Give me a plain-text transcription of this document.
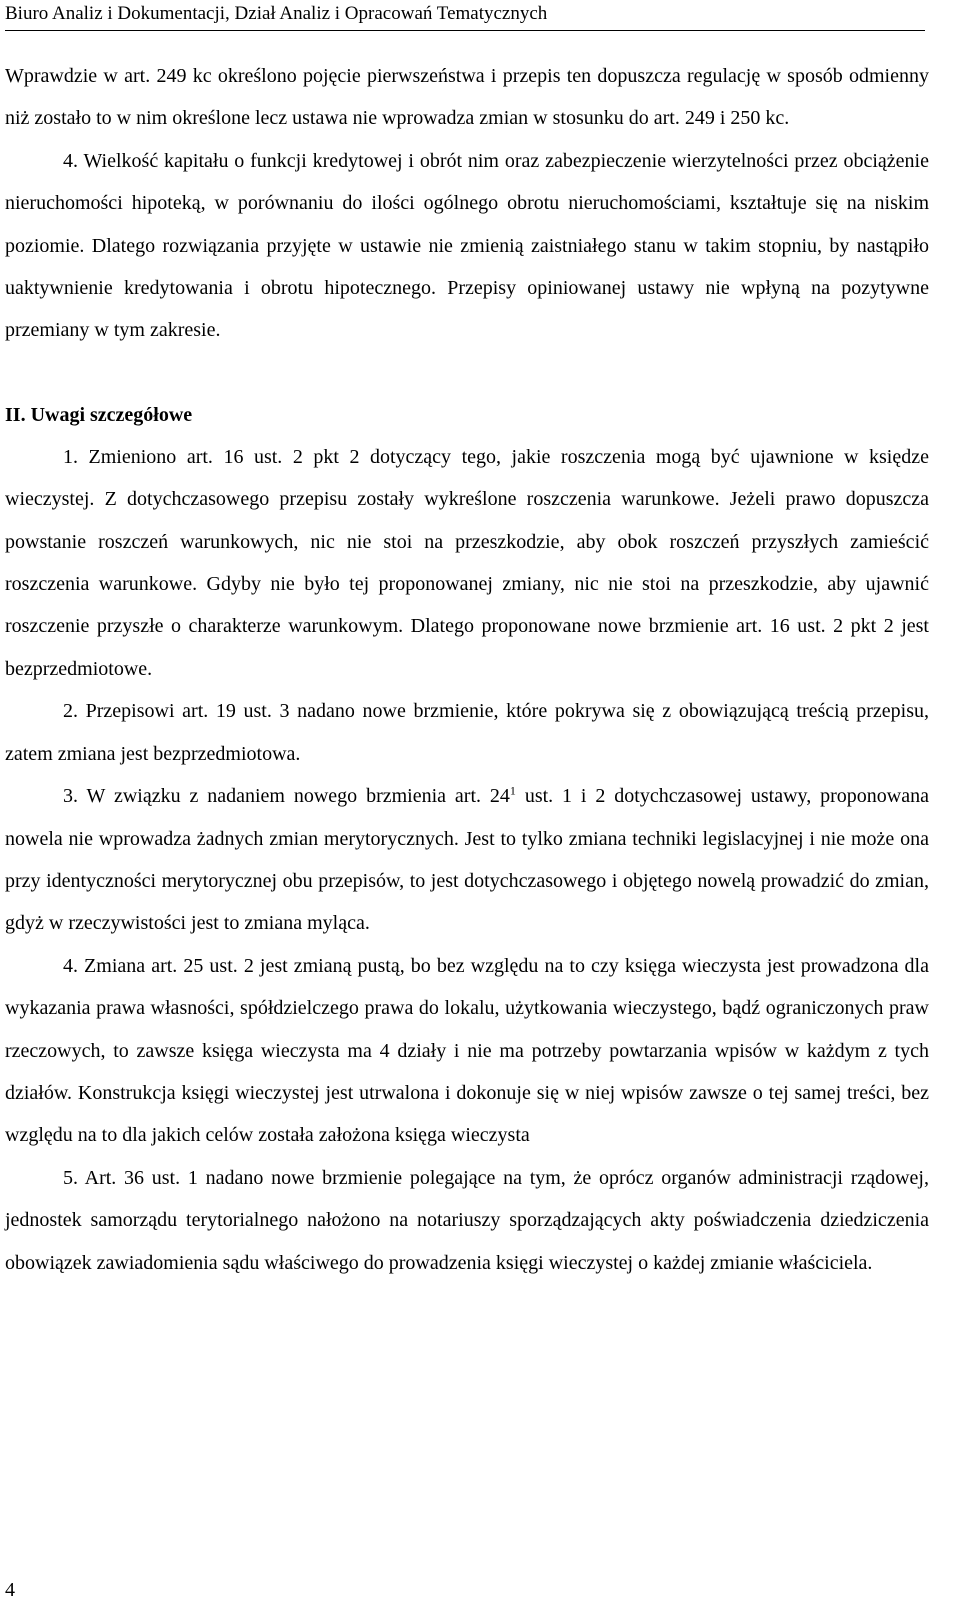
Biuro Analiz i Dokumentacji, Dział Analiz i Opracowań Tematycznych

Wprawdzie w art. 249 kc określono pojęcie pierwszeństwa i przepis ten dopuszcza regulację w sposób odmienny niż zostało to w nim określone lecz ustawa nie wprowadza zmian w stosunku do art. 249 i 250 kc.

4. Wielkość kapitału o funkcji kredytowej i obrót nim oraz zabezpieczenie wierzytelności przez obciążenie nieruchomości hipoteką, w porównaniu do ilości ogólnego obrotu nieruchomościami, kształtuje się na niskim poziomie. Dlatego rozwiązania przyjęte w ustawie nie zmienią zaistniałego stanu w takim stopniu, by nastąpiło uaktywnienie kredytowania i obrotu hipotecznego. Przepisy opiniowanej ustawy nie wpłyną na pozytywne przemiany w tym zakresie.

II. Uwagi szczegółowe

1. Zmieniono art. 16 ust. 2 pkt 2 dotyczący tego, jakie roszczenia mogą być ujawnione w księdze wieczystej. Z dotychczasowego przepisu zostały wykreślone roszczenia warunkowe. Jeżeli prawo dopuszcza powstanie roszczeń warunkowych, nic nie stoi na przeszkodzie, aby obok roszczeń przyszłych zamieścić roszczenia warunkowe. Gdyby nie było tej proponowanej zmiany, nic nie stoi na przeszkodzie, aby ujawnić roszczenie przyszłe o charakterze warunkowym. Dlatego proponowane nowe brzmienie art. 16 ust. 2 pkt 2 jest bezprzedmiotowe.

2. Przepisowi art. 19 ust. 3 nadano nowe brzmienie, które pokrywa się z obowiązującą treścią przepisu, zatem zmiana jest bezprzedmiotowa.

3. W związku z nadaniem nowego brzmienia art. $24^1$ ust. 1 i 2 dotychczasowej ustawy, proponowana nowela nie wprowadza żadnych zmian merytorycznych. Jest to tylko zmiana techniki legislacyjnej i nie może ona przy identyczności merytorycznej obu przepisów, to jest dotychczasowego i objętego nowelą prowadzić do zmian, gdyż w rzeczywistości jest to zmiana myląca.

4. Zmiana art. 25 ust. 2 jest zmianą pustą, bo bez względu na to czy księga wieczysta jest prowadzona dla wykazania prawa własności, spółdzielczego prawa do lokalu, użytkowania wieczystego, bądź ograniczonych praw rzeczowych, to zawsze księga wieczysta ma 4 działy i nie ma potrzeby powtarzania wpisów w każdym z tych działów. Konstrukcja księgi wieczystej jest utrwalona i dokonuje się w niej wpisów zawsze o tej samej treści, bez względu na to dla jakich celów została założona księga wieczysta

5. Art. 36 ust. 1 nadano nowe brzmienie polegające na tym, że oprócz organów administracji rządowej, jednostek samorządu terytorialnego nałożono na notariuszy sporządzających akty poświadczenia dziedziczenia obowiązek zawiadomienia sądu właściwego do prowadzenia księgi wieczystej o każdej zmianie właściciela.

4
